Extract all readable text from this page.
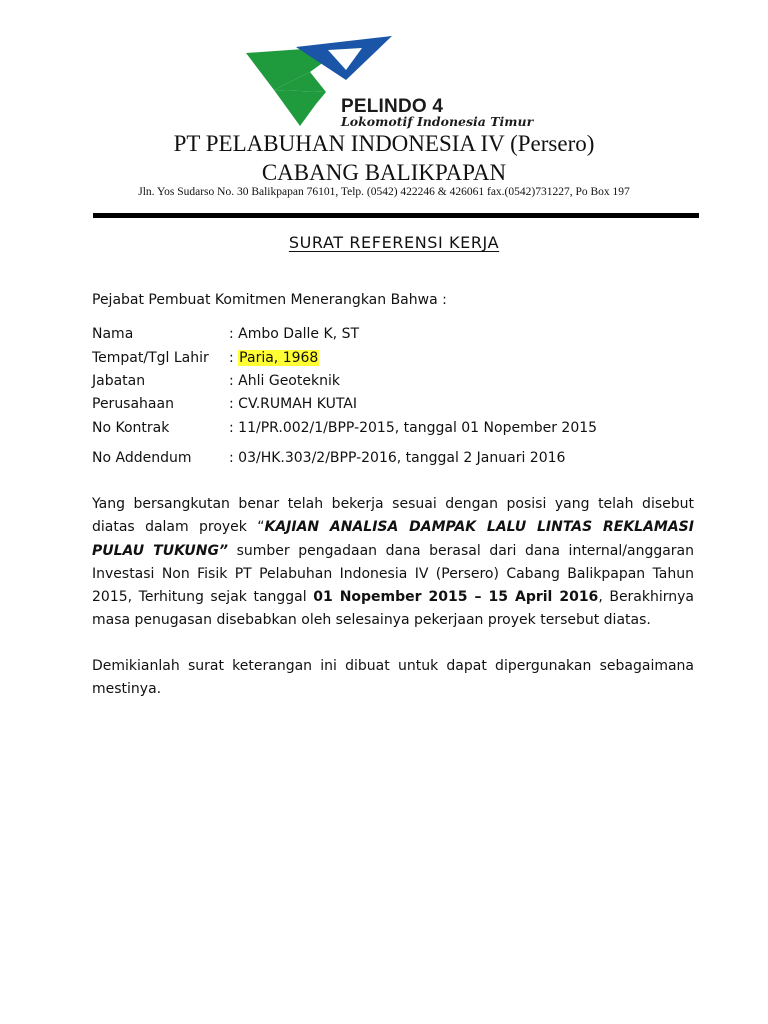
PELINDO 4
Lokomotif Indonesia Timur
PT PELABUHAN INDONESIA IV (Persero)
CABANG BALIKPAPAN
Jln. Yos Sudarso No. 30 Balikpapan 76101, Telp. (0542) 422246 & 426061 fax.(0542)731227, Po Box 197
SURAT REFERENSI KERJA
Pejabat Pembuat Komitmen Menerangkan Bahwa :
Nama	: Ambo Dalle K, ST
Tempat/Tgl Lahir : Paria, 1968
Jabatan	: Ahli Geoteknik
Perusahaan	: CV.RUMAH KUTAI
No Kontrak	: 11/PR.002/1/BPP-2015, tanggal 01 Nopember 2015
No Addendum	: 03/HK.303/2/BPP-2016, tanggal 2 Januari 2016
Yang bersangkutan benar telah bekerja sesuai dengan posisi yang telah disebut diatas dalam proyek “KAJIAN ANALISA DAMPAK LALU LINTAS REKLAMASI PULAU TUKUNG” sumber pengadaan dana berasal dari dana internal/anggaran Investasi Non Fisik PT Pelabuhan Indonesia IV (Persero) Cabang Balikpapan Tahun 2015, Terhitung sejak tanggal 01 Nopember 2015 – 15 April 2016, Berakhirnya masa penugasan disebabkan oleh selesainya pekerjaan proyek tersebut diatas.
Demikianlah surat keterangan ini dibuat untuk dapat dipergunakan sebagaimana mestinya.
